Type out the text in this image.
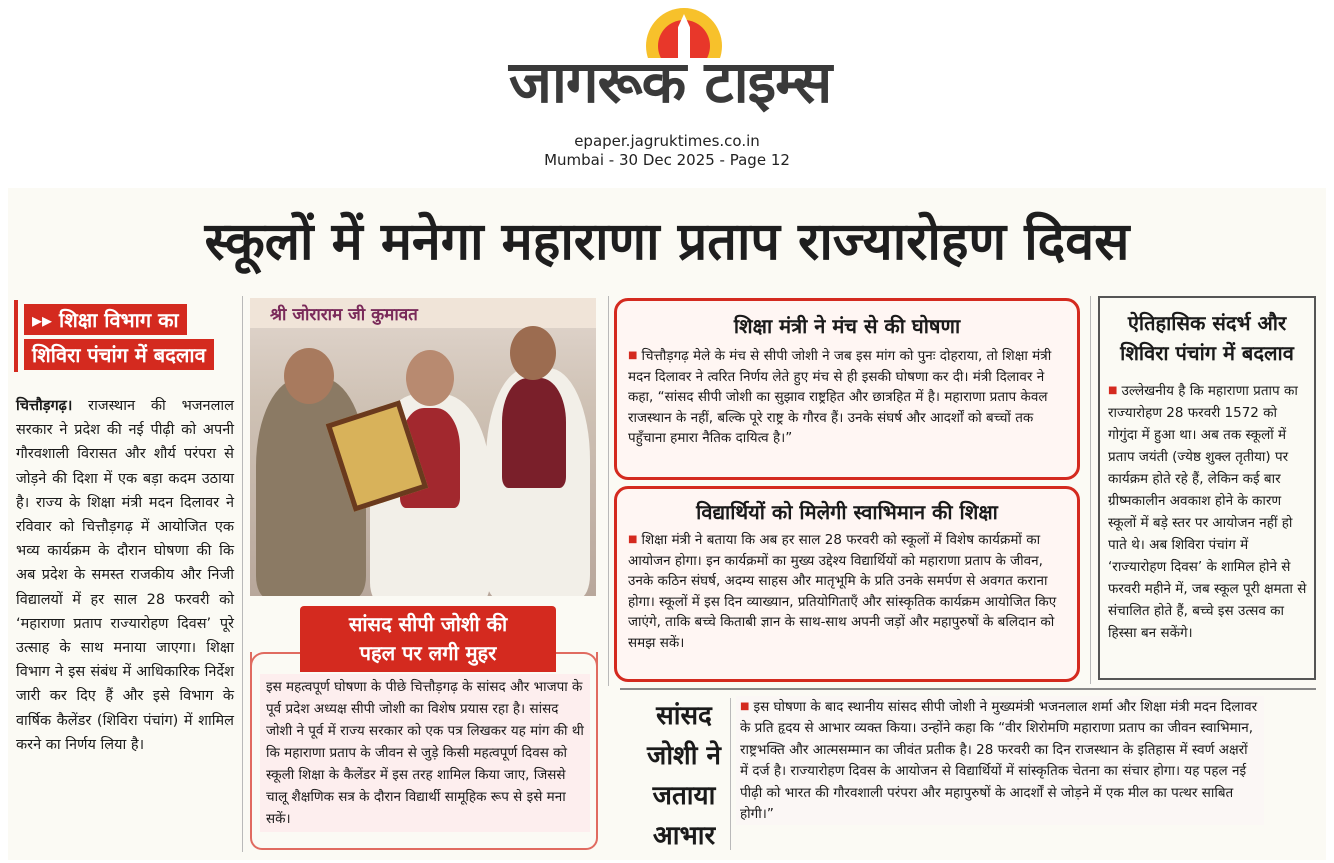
जागरूक टाइम्स
epaper.jagruktimes.co.in
Mumbai - 30 Dec 2025 - Page 12
स्कूलों में मनेगा महाराणा प्रताप राज्यारोहण दिवस
▸▸ शिक्षा विभाग का
शिविरा पंचांग में बदलाव
चित्तौड़गढ़। राजस्थान की भजनलाल सरकार ने प्रदेश की नई पीढ़ी को अपनी गौरवशाली विरासत और शौर्य परंपरा से जोड़ने की दिशा में एक बड़ा कदम उठाया है। राज्य के शिक्षा मंत्री मदन दिलावर ने रविवार को चित्तौड़गढ़ में आयोजित एक भव्य कार्यक्रम के दौरान घोषणा की कि अब प्रदेश के समस्त राजकीय और निजी विद्यालयों में हर साल 28 फरवरी को ‘महाराणा प्रताप राज्यारोहण दिवस’ पूरे उत्साह के साथ मनाया जाएगा। शिक्षा विभाग ने इस संबंध में आधिकारिक निर्देश जारी कर दिए हैं और इसे विभाग के वार्षिक कैलेंडर (शिविरा पंचांग) में शामिल करने का निर्णय लिया है।
श्री जोराराम जी कुमावत
सांसद सीपी जोशी की
पहल पर लगी मुहर
इस महत्वपूर्ण घोषणा के पीछे चित्तौड़गढ़ के सांसद और भाजपा के पूर्व प्रदेश अध्यक्ष सीपी जोशी का विशेष प्रयास रहा है। सांसद जोशी ने पूर्व में राज्य सरकार को एक पत्र लिखकर यह मांग की थी कि महाराणा प्रताप के जीवन से जुड़े किसी महत्वपूर्ण दिवस को स्कूली शिक्षा के कैलेंडर में इस तरह शामिल किया जाए, जिससे चालू शैक्षणिक सत्र के दौरान विद्यार्थी सामूहिक रूप से इसे मना सकें।
शिक्षा मंत्री ने मंच से की घोषणा
■ चित्तौड़गढ़ मेले के मंच से सीपी जोशी ने जब इस मांग को पुनः दोहराया, तो शिक्षा मंत्री मदन दिलावर ने त्वरित निर्णय लेते हुए मंच से ही इसकी घोषणा कर दी। मंत्री दिलावर ने कहा, “सांसद सीपी जोशी का सुझाव राष्ट्रहित और छात्रहित में है। महाराणा प्रताप केवल राजस्थान के नहीं, बल्कि पूरे राष्ट्र के गौरव हैं। उनके संघर्ष और आदर्शों को बच्चों तक पहुँचाना हमारा नैतिक दायित्व है।”
विद्यार्थियों को मिलेगी स्वाभिमान की शिक्षा
■ शिक्षा मंत्री ने बताया कि अब हर साल 28 फरवरी को स्कूलों में विशेष कार्यक्रमों का आयोजन होगा। इन कार्यक्रमों का मुख्य उद्देश्य विद्यार्थियों को महाराणा प्रताप के जीवन, उनके कठिन संघर्ष, अदम्य साहस और मातृभूमि के प्रति उनके समर्पण से अवगत कराना होगा। स्कूलों में इस दिन व्याख्यान, प्रतियोगिताएँ और सांस्कृतिक कार्यक्रम आयोजित किए जाएंगे, ताकि बच्चे किताबी ज्ञान के साथ-साथ अपनी जड़ों और महापुरुषों के बलिदान को समझ सकें।
ऐतिहासिक संदर्भ और
शिविरा पंचांग में बदलाव
■ उल्लेखनीय है कि महाराणा प्रताप का राज्यारोहण 28 फरवरी 1572 को गोगुंदा में हुआ था। अब तक स्कूलों में प्रताप जयंती (ज्येष्ठ शुक्ल तृतीया) पर कार्यक्रम होते रहे हैं, लेकिन कई बार ग्रीष्मकालीन अवकाश होने के कारण स्कूलों में बड़े स्तर पर आयोजन नहीं हो पाते थे। अब शिविरा पंचांग में ‘राज्यारोहण दिवस’ के शामिल होने से फरवरी महीने में, जब स्कूल पूरी क्षमता से संचालित होते हैं, बच्चे इस उत्सव का हिस्सा बन सकेंगे।
सांसद
जोशी ने
जताया
आभार
■ इस घोषणा के बाद स्थानीय सांसद सीपी जोशी ने मुख्यमंत्री भजनलाल शर्मा और शिक्षा मंत्री मदन दिलावर के प्रति हृदय से आभार व्यक्त किया। उन्होंने कहा कि “वीर शिरोमणि महाराणा प्रताप का जीवन स्वाभिमान, राष्ट्रभक्ति और आत्मसम्मान का जीवंत प्रतीक है। 28 फरवरी का दिन राजस्थान के इतिहास में स्वर्ण अक्षरों में दर्ज है। राज्यारोहण दिवस के आयोजन से विद्यार्थियों में सांस्कृतिक चेतना का संचार होगा। यह पहल नई पीढ़ी को भारत की गौरवशाली परंपरा और महापुरुषों के आदर्शों से जोड़ने में एक मील का पत्थर साबित होगी।”
